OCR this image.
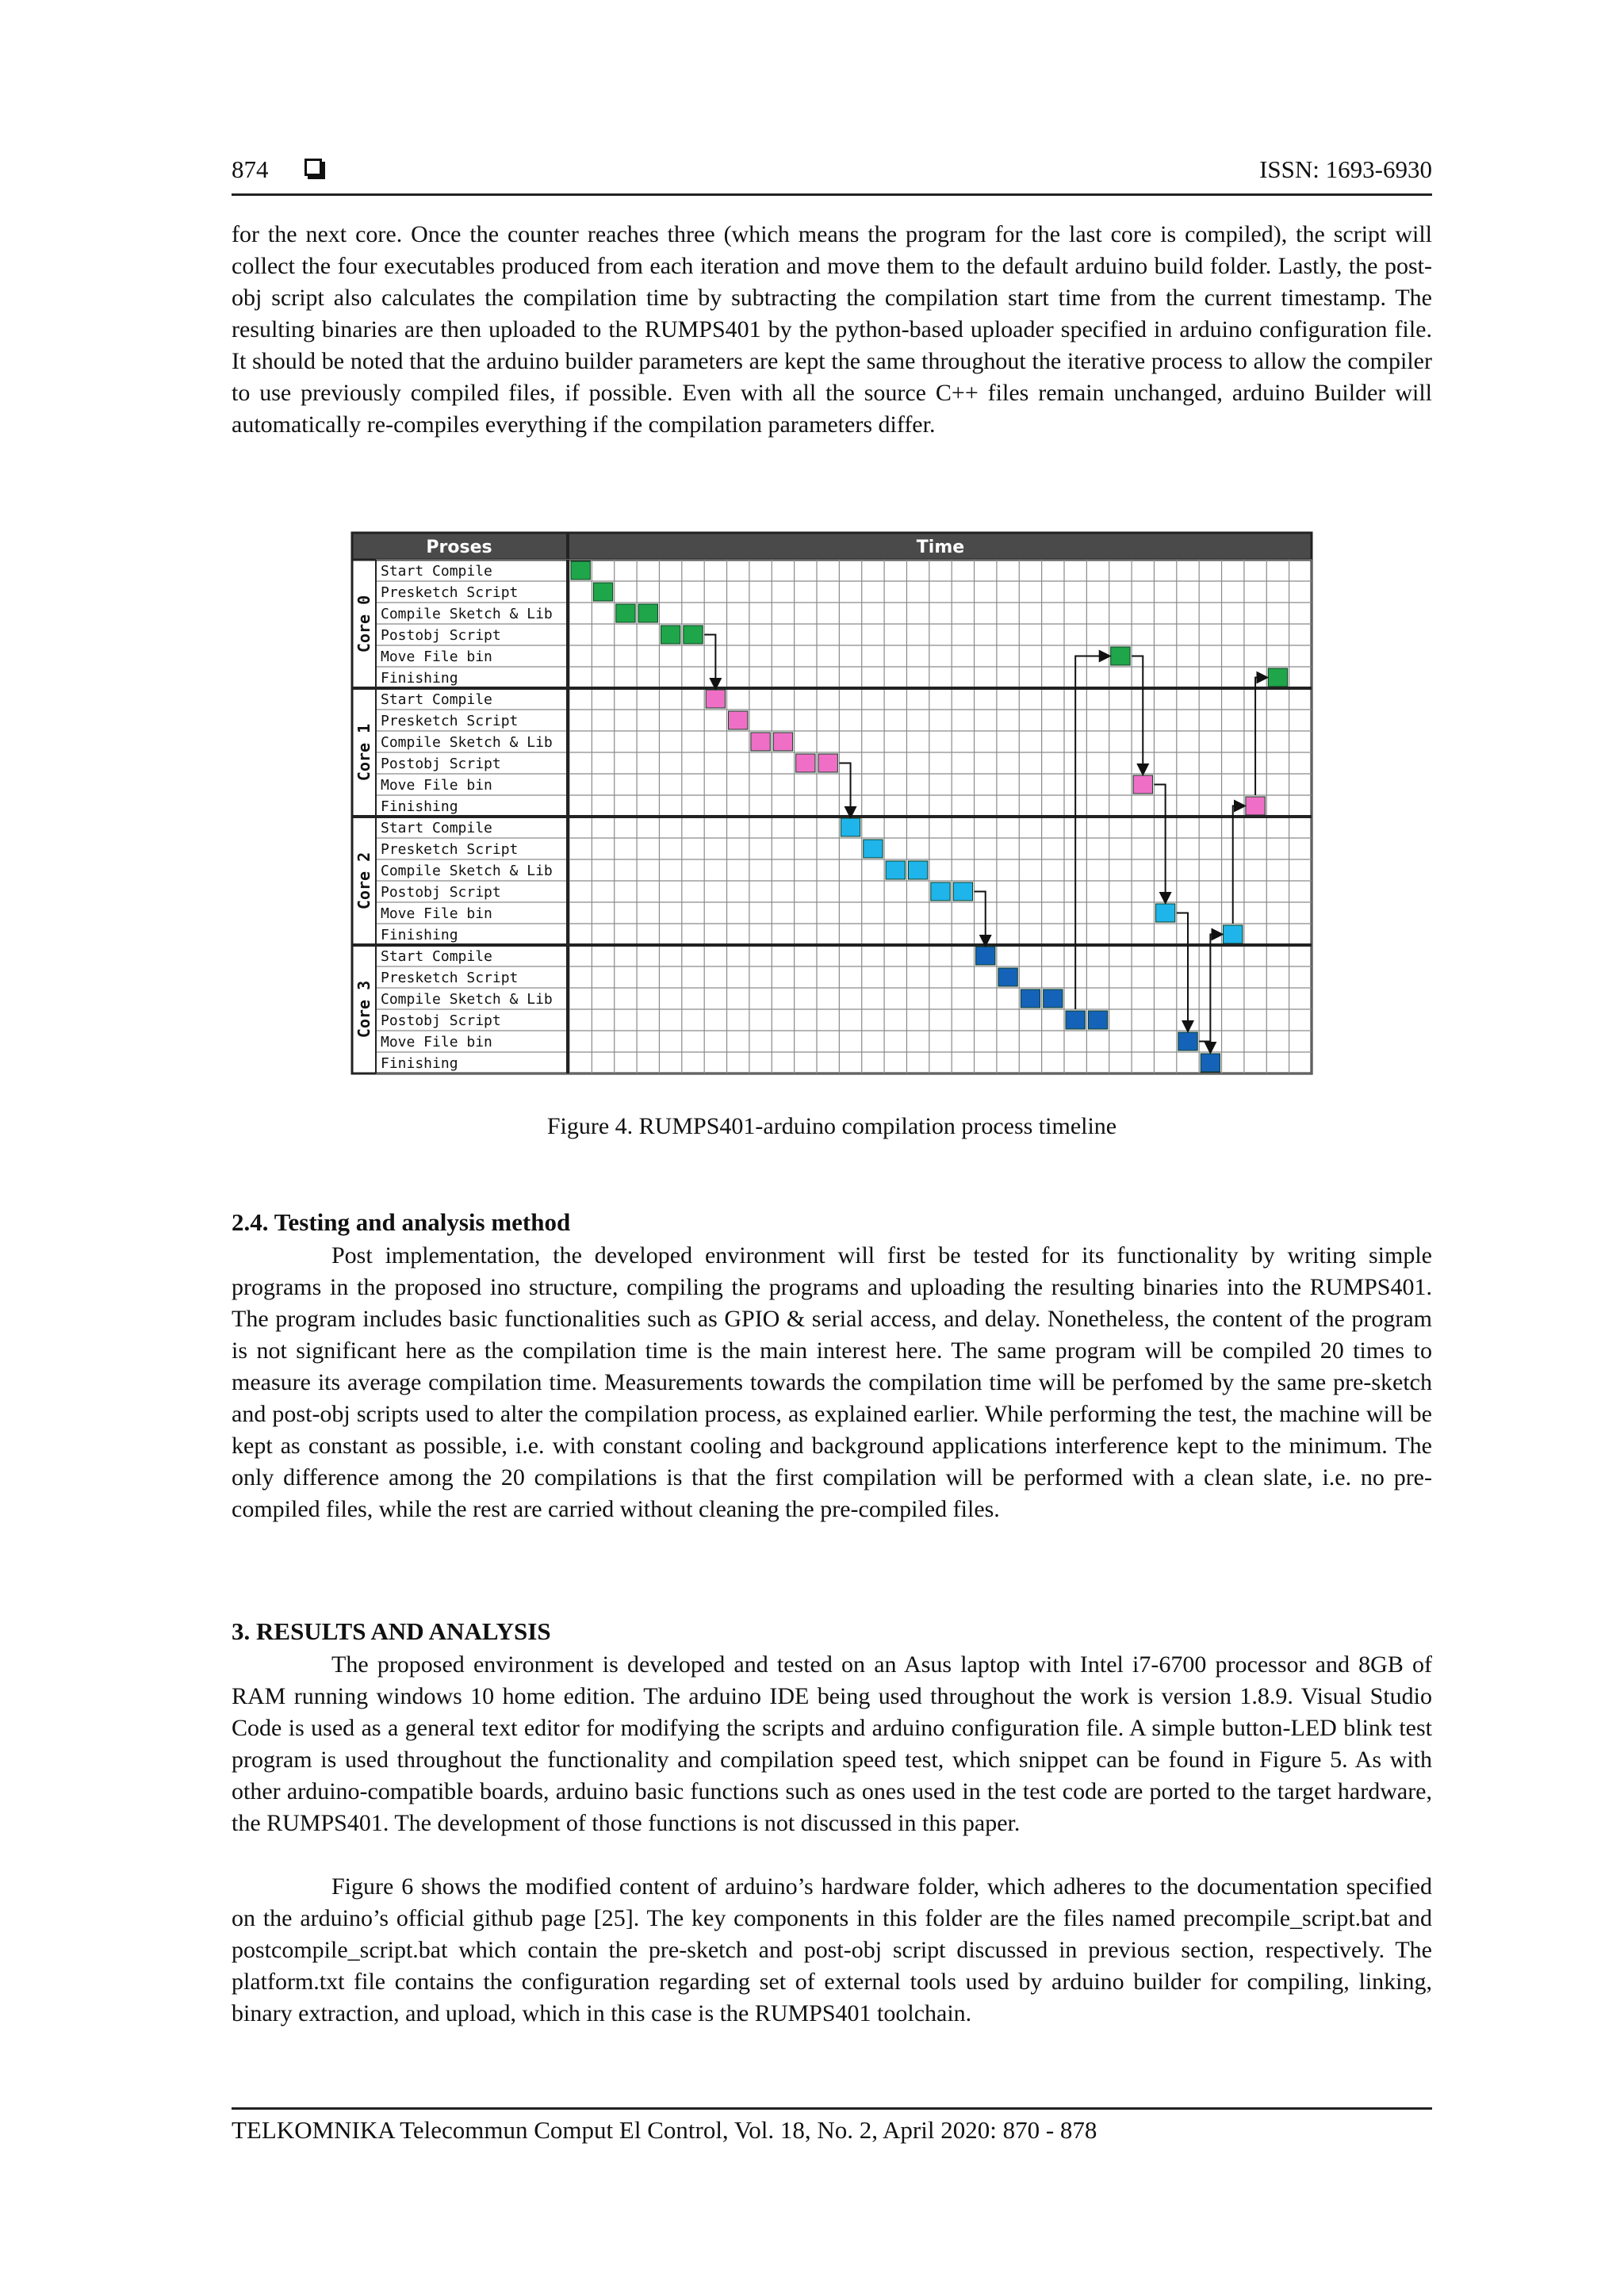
874	ISSN: 1693-6930

for the next core. Once the counter reaches three (which means the program for the last core is compiled), the script will collect the four executables produced from each iteration and move them to the default arduino build folder. Lastly, the post-obj script also calculates the compilation time by subtracting the compilation start time from the current timestamp. The resulting binaries are then uploaded to the RUMPS401 by the python-based uploader specified in arduino configuration file. It should be noted that the arduino builder parameters are kept the same throughout the iterative process to allow the compiler to use previously compiled files, if possible. Even with all the source C++ files remain unchanged, arduino Builder will automatically re-compiles everything if the compilation parameters differ.

Proses	Time
Core 0
Start Compile
Presketch Script
Compile Sketch & Lib
Postobj Script
Move File bin
Finishing
Core 1
Start Compile
Presketch Script
Compile Sketch & Lib
Postobj Script
Move File bin
Finishing
Core 2
Start Compile
Presketch Script
Compile Sketch & Lib
Postobj Script
Move File bin
Finishing
Core 3
Start Compile
Presketch Script
Compile Sketch & Lib
Postobj Script
Move File bin
Finishing
Figure 4. RUMPS401-arduino compilation process timeline
2.4. Testing and analysis method

Post implementation, the developed environment will first be tested for its functionality by writing simple programs in the proposed ino structure, compiling the programs and uploading the resulting binaries into the RUMPS401. The program includes basic functionalities such as GPIO & serial access, and delay. Nonetheless, the content of the program is not significant here as the compilation time is the main interest here. The same program will be compiled 20 times to measure its average compilation time. Measurements towards the compilation time will be perfomed by the same pre-sketch and post-obj scripts used to alter the compilation process, as explained earlier. While performing the test, the machine will be kept as constant as possible, i.e. with constant cooling and background applications interference kept to the minimum. The only difference among the 20 compilations is that the first compilation will be performed with a clean slate, i.e. no pre-compiled files, while the rest are carried without cleaning the pre-compiled files.

3. RESULTS AND ANALYSIS

The proposed environment is developed and tested on an Asus laptop with Intel i7-6700 processor and 8GB of RAM running windows 10 home edition. The arduino IDE being used throughout the work is version 1.8.9. Visual Studio Code is used as a general text editor for modifying the scripts and arduino configuration file. A simple button-LED blink test program is used throughout the functionality and compilation speed test, which snippet can be found in Figure 5. As with other arduino-compatible boards, arduino basic functions such as ones used in the test code are ported to the target hardware, the RUMPS401. The development of those functions is not discussed in this paper.

Figure 6 shows the modified content of arduino’s hardware folder, which adheres to the documentation specified on the arduino’s official github page [25]. The key components in this folder are the files named precompile_script.bat and postcompile_script.bat which contain the pre-sketch and post-obj script discussed in previous section, respectively. The platform.txt file contains the configuration regarding set of external tools used by arduino builder for compiling, linking, binary extraction, and upload, which in this case is the RUMPS401 toolchain.

TELKOMNIKA Telecommun Comput El Control, Vol. 18, No. 2, April 2020: 870 - 878
